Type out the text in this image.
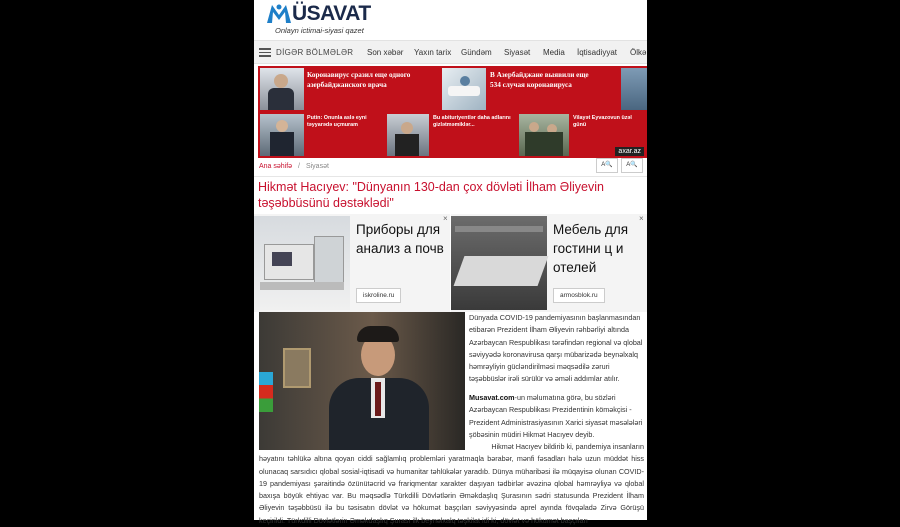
ÜSAVAT
Onlayn ictimai-siyasi qazet
DİGƏR BÖLMƏLƏR Son xəbər Yaxın tarix Gündəm Siyasət Media İqtisadiyyat Ölkə
Коронавирус сразил еще одного азербайджанского врача
В Азербайджане выявили еще 534 случая коронавируса
Putin: Onunla aslə eyni təyyarədə uçmuram
Bu abituriyentlər daha adlarını gizlətməmiklər...
Vilayət Eyvazovun üzəl günü
axar.az
Ana səhifə / Siyasət	A🔍	A🔍
Hikmət Hacıyev: "Dünyanın 130-dan çox dövləti İlham Əliyevin təşəbbüsünü dəstəklədi"
Приборы для анализ а почв
iskroline.ru
×
Мебель для гостини ц и отелей
armosblok.ru
×
Dünyada COVID-19 pandemiyasının başlanmasından etibarən Prezident İlham Əliyevin rəhbərliyi altında Azərbaycan Respublikası tərəfindən regional və qlobal səviyyədə koronavirusa qarşı mübarizədə beynəlxalq həmrəyliyin gücləndirilməsi məqsədilə zəruri təşəbbüslər irəli sürülür və əməli addımlar atılır.
Musavat.com-un məlumatına görə, bu sözləri Azərbaycan Respublikası Prezidentinin köməkçisi - Prezident Administrasiyasının Xarici siyasət məsələləri şöbəsinin müdiri Hikmət Hacıyev deyib.
Hikmət Hacıyev bildirib ki, pandemiya insanların
həyatını təhlükə altına qoyan ciddi sağlamlıq problemləri yaratmaqla bərabər, mənfi fəsadları hələ uzun müddət hiss olunacaq sarsıdıcı qlobal sosial-iqtisadi və humanitar təhlükələr yaradıb. Dünya müharibəsi ilə müqayisə olunan COVID-19 pandemiyası şəraitində özünütəcrid və frariqmentar xarakter daşıyan tədbirlər əvəzinə qlobal həmrəyliyə və qlobal baxışa böyük ehtiyac var. Bu məqsədlə Türkdilli Dövlətlərin Əməkdaşlıq Şurasının sədri statusunda Prezident İlham Əliyevin təşəbbüsü ilə bu təsisatın dövlət və hökumət başçıları səviyyəsində aprel ayında fövqəladə Zirvə Görüşü keçirildi. Türkdilli Dövlətlərin Əməkdaşlıq Şurası ilk beynəlxalq təşkilat idi ki, dövlət və hökumət başçıları
